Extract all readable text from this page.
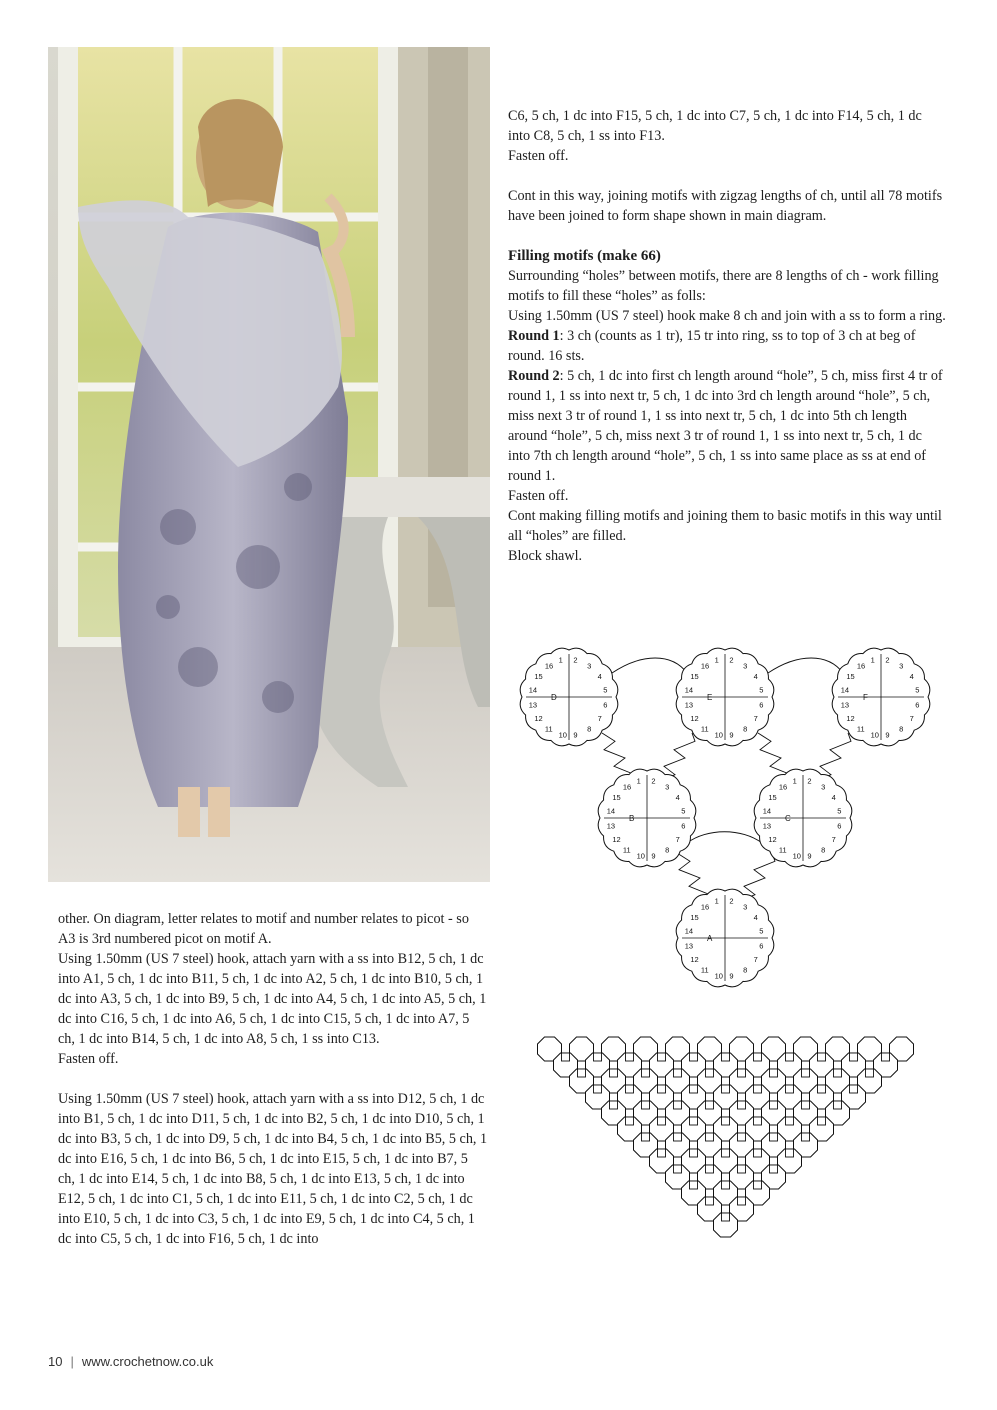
C6, 5 ch, 1 dc into F15, 5 ch, 1 dc into C7, 5 ch, 1 dc into F14, 5 ch, 1 dc into C8, 5 ch, 1 ss into F13.

Fasten off.

Cont in this way, joining motifs with zigzag lengths of ch, until all 78 motifs have been joined to form shape shown in main diagram.

Filling motifs (make 66)

Surrounding “holes” between motifs, there are 8 lengths of ch - work filling motifs to fill these “holes” as folls:

Using 1.50mm (US 7 steel) hook make 8 ch and join with a ss to form a ring.

Round 1: 3 ch (counts as 1 tr), 15 tr into ring, ss to top of 3 ch at beg of round. 16 sts.

Round 2: 5 ch, 1 dc into first ch length around “hole”, 5 ch, miss first 4 tr of round 1, 1 ss into next tr, 5 ch, 1 dc into 3rd ch length around “hole”, 5 ch, miss next 3 tr of round 1, 1 ss into next tr, 5 ch, 1 dc into 5th ch length around “hole”, 5 ch, miss next 3 tr of round 1, 1 ss into next tr, 5 ch, 1 dc into 7th ch length around “hole”, 5 ch, 1 ss into same place as ss at end of round 1.

Fasten off.

Cont making filling motifs and joining them to basic motifs in this way until all “holes” are filled.

Block shawl.

D
1 2
3
4
5
6
7
8
9
10
11
12
13
14
15
16
E
1 2
3
4
5
6
7
8
9
10
11
12
13
14
15
16
F
1 2
3
4
5
6
7
8
9
10
11
12
13
14
15
16
B
1 2
3
4
5
6
7
8
9
10
11
12
13
14
15
16
C
1 2
3
4
5
6
7
8
9
10
11
12
13
14
15
16
A
1 2
3
4
5
6
7
8
9
10
11
12
13
14
15
16

other. On diagram, letter relates to motif and number relates to picot - so A3 is 3rd numbered picot on motif A.

Using 1.50mm (US 7 steel) hook, attach yarn with a ss into B12, 5 ch, 1 dc into A1, 5 ch, 1 dc into B11, 5 ch, 1 dc into A2, 5 ch, 1 dc into B10, 5 ch, 1 dc into A3, 5 ch, 1 dc into B9, 5 ch, 1 dc into A4, 5 ch, 1 dc into A5, 5 ch, 1 dc into C16, 5 ch, 1 dc into A6, 5 ch, 1 dc into C15, 5 ch, 1 dc into A7, 5 ch, 1 dc into B14, 5 ch, 1 dc into A8, 5 ch, 1 ss into C13.

Fasten off.

Using 1.50mm (US 7 steel) hook, attach yarn with a ss into D12, 5 ch, 1 dc into B1, 5 ch, 1 dc into D11, 5 ch, 1 dc into B2, 5 ch, 1 dc into D10, 5 ch, 1 dc into B3, 5 ch, 1 dc into D9, 5 ch, 1 dc into B4, 5 ch, 1 dc into B5, 5 ch, 1 dc into E16, 5 ch, 1 dc into B6, 5 ch, 1 dc into E15, 5 ch, 1 dc into B7, 5 ch, 1 dc into E14, 5 ch, 1 dc into B8, 5 ch, 1 dc into E13, 5 ch, 1 dc into E12, 5 ch, 1 dc into C1, 5 ch, 1 dc into E11, 5 ch, 1 dc into C2, 5 ch, 1 dc into E10, 5 ch, 1 dc into C3, 5 ch, 1 dc into E9, 5 ch, 1 dc into C4, 5 ch, 1 dc into C5, 5 ch, 1 dc into F16, 5 ch, 1 dc into

10 | www.crochetnow.co.uk
